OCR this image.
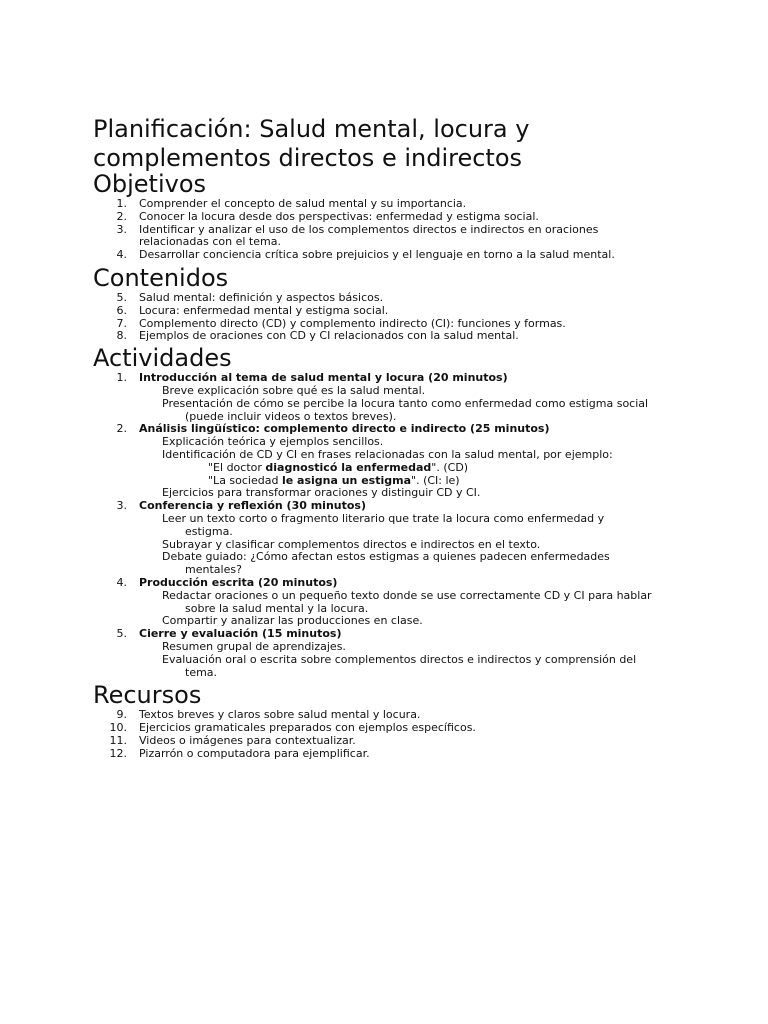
Planificación: Salud mental, locura y
complementos directos e indirectos
Objetivos
1. Comprender el concepto de salud mental y su importancia.
2. Conocer la locura desde dos perspectivas: enfermedad y estigma social.
3. Identificar y analizar el uso de los complementos directos e indirectos en oraciones relacionadas con el tema.
4. Desarrollar conciencia crítica sobre prejuicios y el lenguaje en torno a la salud mental.
Contenidos
5. Salud mental: definición y aspectos básicos.
6. Locura: enfermedad mental y estigma social.
7. Complemento directo (CD) y complemento indirecto (CI): funciones y formas.
8. Ejemplos de oraciones con CD y CI relacionados con la salud mental.
Actividades
1. Introducción al tema de salud mental y locura (20 minutos)
Breve explicación sobre qué es la salud mental.
Presentación de cómo se percibe la locura tanto como enfermedad como estigma social (puede incluir videos o textos breves).
2. Análisis lingüístico: complemento directo e indirecto (25 minutos)
Explicación teórica y ejemplos sencillos.
Identificación de CD y CI en frases relacionadas con la salud mental, por ejemplo:
"El doctor diagnosticó la enfermedad". (CD)
"La sociedad le asigna un estigma". (CI: le)
Ejercicios para transformar oraciones y distinguir CD y CI.
3. Conferencia y reflexión (30 minutos)
Leer un texto corto o fragmento literario que trate la locura como enfermedad y estigma.
Subrayar y clasificar complementos directos e indirectos en el texto.
Debate guiado: ¿Cómo afectan estos estigmas a quienes padecen enfermedades mentales?
4. Producción escrita (20 minutos)
Redactar oraciones o un pequeño texto donde se use correctamente CD y CI para hablar sobre la salud mental y la locura.
Compartir y analizar las producciones en clase.
5. Cierre y evaluación (15 minutos)
Resumen grupal de aprendizajes.
Evaluación oral o escrita sobre complementos directos e indirectos y comprensión del tema.
Recursos
9. Textos breves y claros sobre salud mental y locura.
10. Ejercicios gramaticales preparados con ejemplos específicos.
11. Videos o imágenes para contextualizar.
12. Pizarrón o computadora para ejemplificar.
